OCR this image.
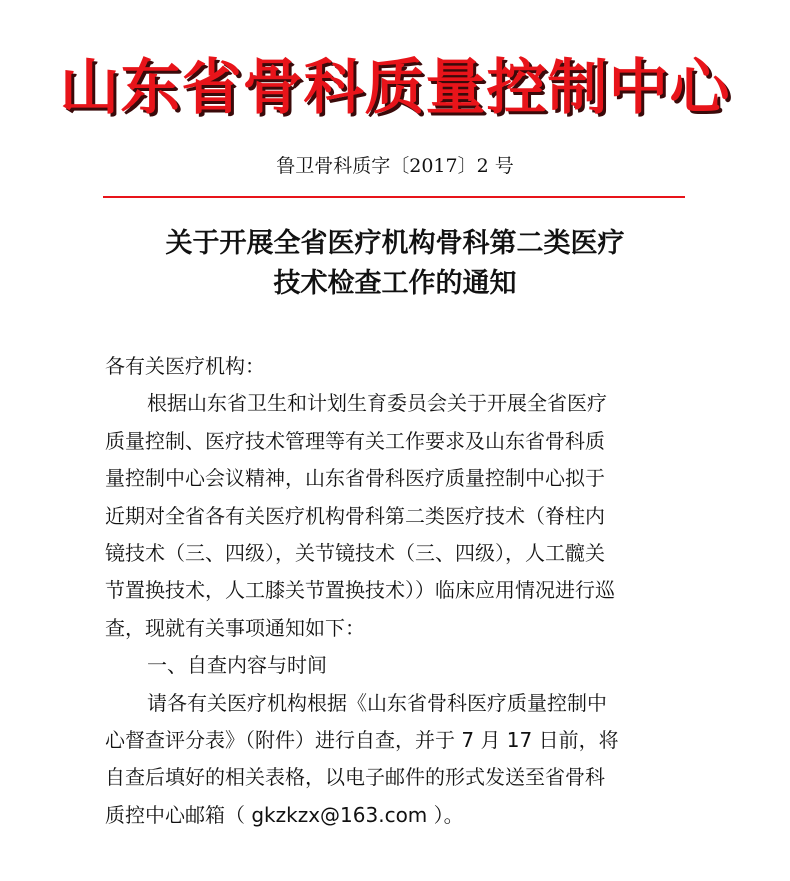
山东省骨科质量控制中心
鲁卫骨科质字〔2017〕2 号
关于开展全省医疗机构骨科第二类医疗
技术检查工作的通知

各有关医疗机构：

根据山东省卫生和计划生育委员会关于开展全省医疗

质量控制、医疗技术管理等有关工作要求及山东省骨科质

量控制中心会议精神，山东省骨科医疗质量控制中心拟于

近期对全省各有关医疗机构骨科第二类医疗技术（脊柱内

镜技术（三、四级），关节镜技术（三、四级），人工髋关

节置换技术，人工膝关节置换技术））临床应用情况进行巡

查，现就有关事项通知如下：

一、自查内容与时间

请各有关医疗机构根据《山东省骨科医疗质量控制中

心督查评分表》（附件）进行自查，并于 7 月 17 日前，将

自查后填好的相关表格，以电子邮件的形式发送至省骨科

质控中心邮箱（ gkzkzx@163.com ）。
